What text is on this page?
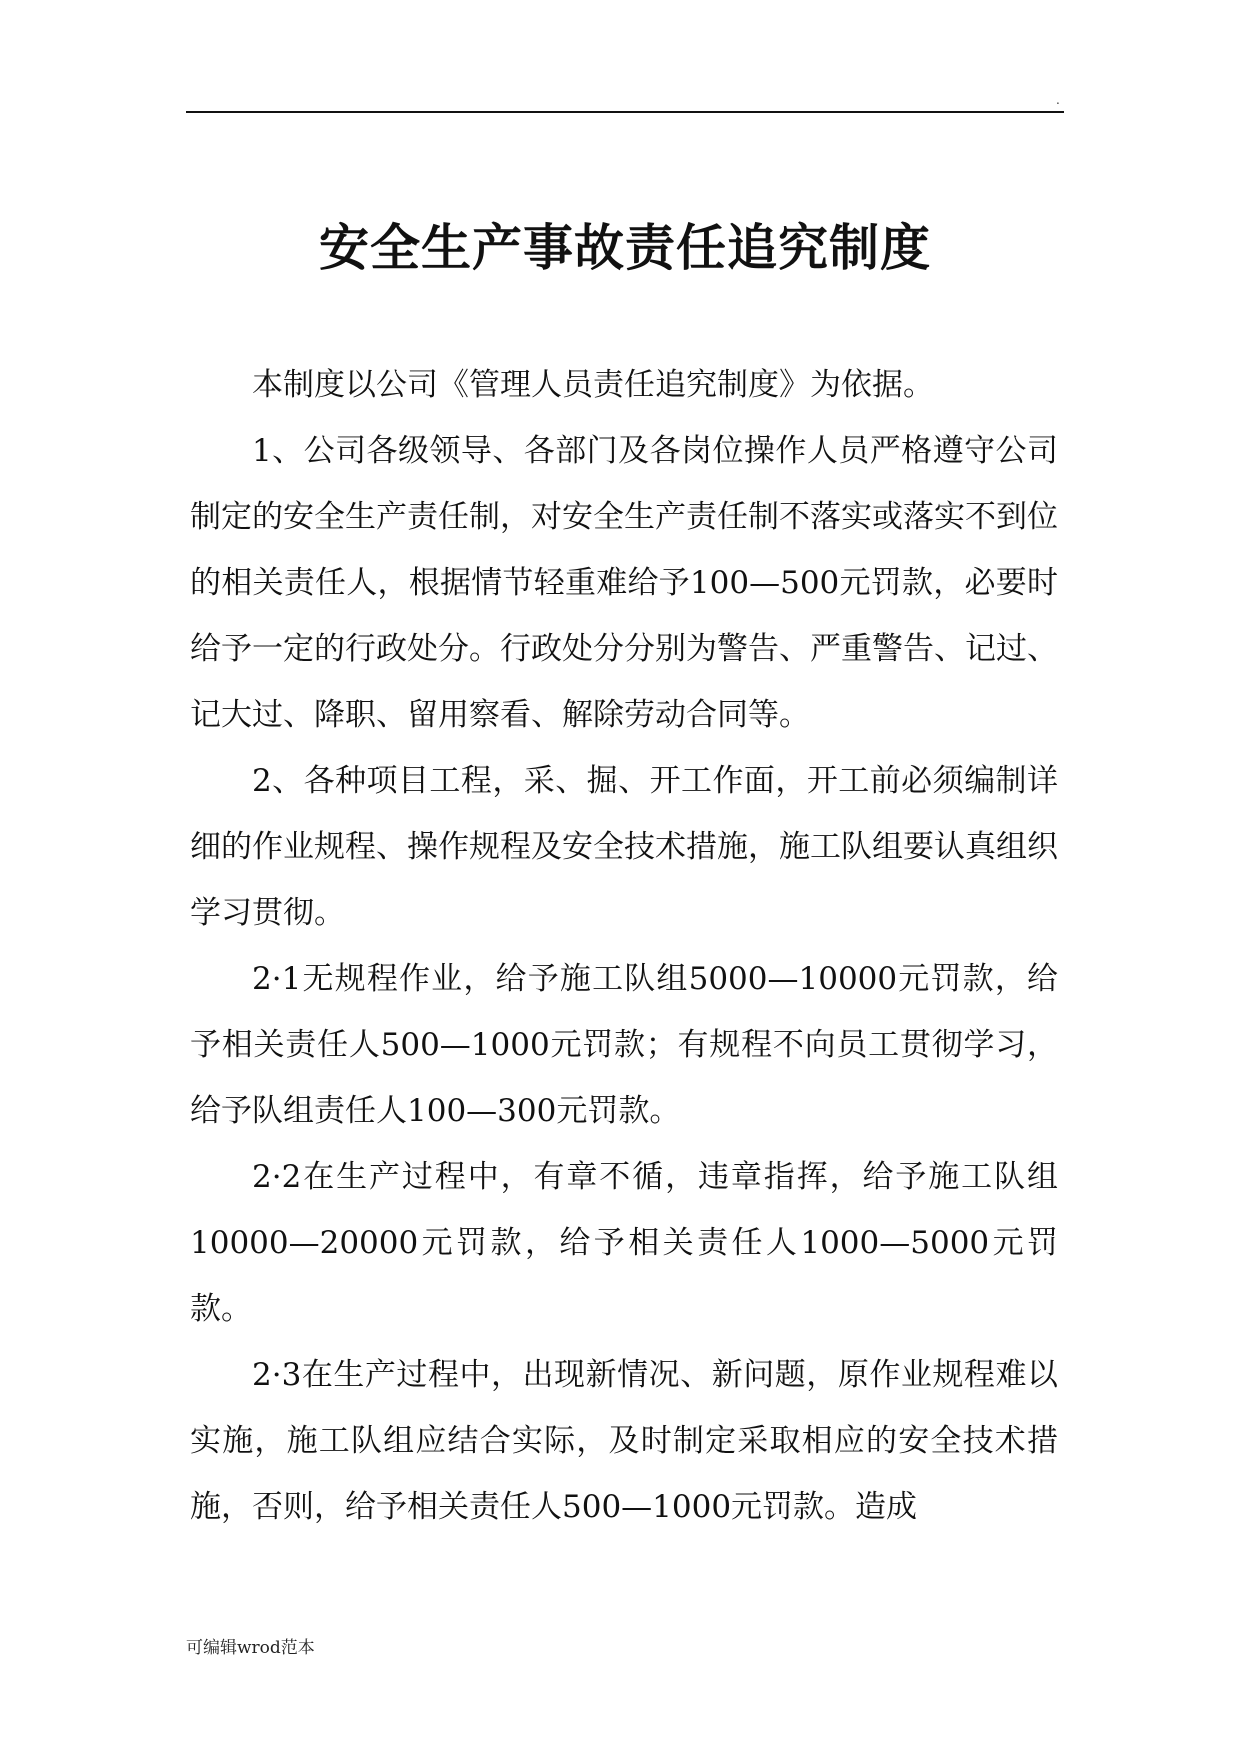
.
安全生产事故责任追究制度

本制度以公司《管理人员责任追究制度》为依据。

1、公司各级领导、各部门及各岗位操作人员严格遵守公司制定的安全生产责任制，对安全生产责任制不落实或落实不到位的相关责任人，根据情节轻重难给予100—500元罚款，必要时给予一定的行政处分。行政处分分别为警告、严重警告、记过、记大过、降职、留用察看、解除劳动合同等。

2、各种项目工程，采、掘、开工作面，开工前必须编制详细的作业规程、操作规程及安全技术措施，施工队组要认真组织学习贯彻。

2·1无规程作业，给予施工队组5000—10000元罚款，给予相关责任人500—1000元罚款；有规程不向员工贯彻学习，给予队组责任人100—300元罚款。

2·2在生产过程中，有章不循，违章指挥，给予施工队组10000—20000元罚款，给予相关责任人1000—5000元罚款。

2·3在生产过程中，出现新情况、新问题，原作业规程难以实施，施工队组应结合实际，及时制定采取相应的安全技术措施，否则，给予相关责任人500—1000元罚款。造成

可编辑wrod范本
